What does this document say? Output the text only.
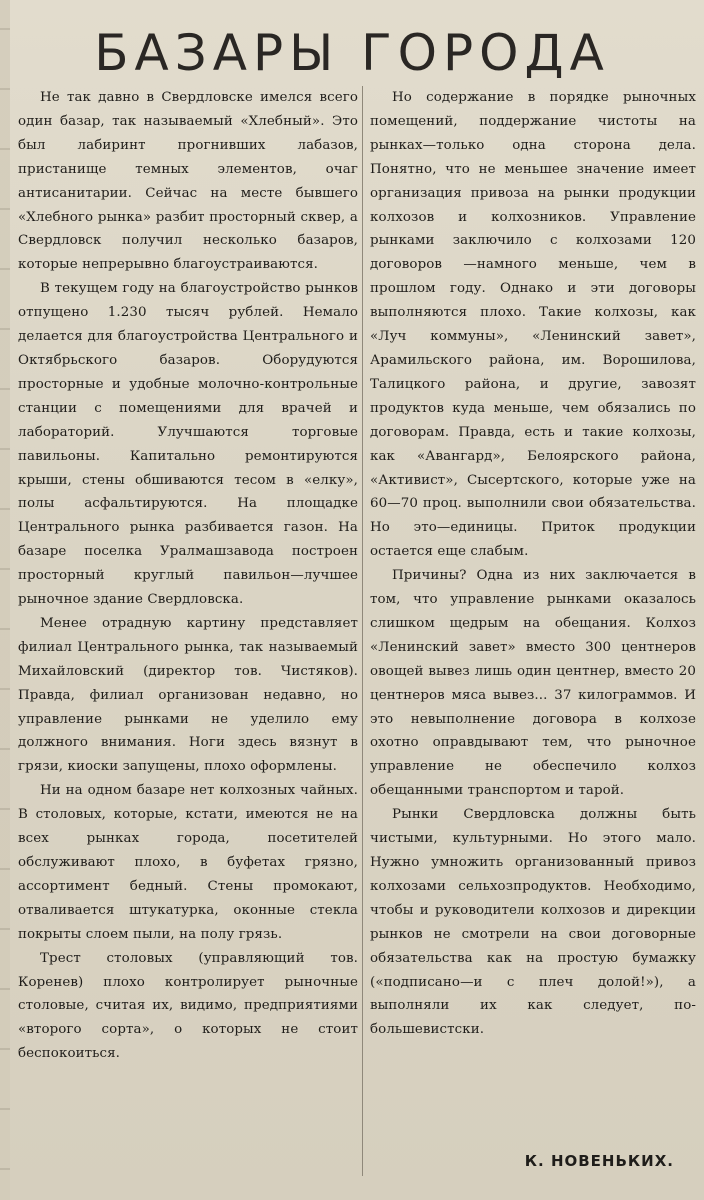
БАЗАРЫ ГОРОДА

Не так давно в Свердловске имелся всего один базар, так называемый «Хлебный». Это был лабиринт прогнивших лабазов, пристанище темных элементов, очаг антисанитарии. Сейчас на месте бывшего «Хлебного рынка» разбит просторный сквер, а Свердловск получил несколько базаров, которые непрерывно благоустраиваются.

В текущем году на благоустройство рынков отпущено 1.230 тысяч рублей. Немало делается для благоустройства Центрального и Октябрьского базаров. Оборудуются просторные и удобные молочно-контрольные станции с помещениями для врачей и лабораторий. Улучшаются торговые павильоны. Капитально ремонтируются крыши, стены обшиваются тесом в «елку», полы асфальтируются. На площадке Центрального рынка разбивается газон. На базаре поселка Уралмашзавода построен просторный круглый павильон—лучшее рыночное здание Свердловска.

Менее отрадную картину представляет филиал Центрального рынка, так называемый Михайловский (директор тов. Чистяков). Правда, филиал организован недавно, но управление рынками не уделило ему должного внимания. Ноги здесь вязнут в грязи, киоски запущены, плохо оформлены.

Ни на одном базаре нет колхозных чайных. В столовых, которые, кстати, имеются не на всех рынках города, посетителей обслуживают плохо, в буфетах грязно, ассортимент бедный. Стены промокают, отваливается штукатурка, оконные стекла покрыты слоем пыли, на полу грязь.

Трест столовых (управляющий тов. Коренев) плохо контролирует рыночные столовые, считая их, видимо, предприятиями «второго сорта», о которых не стоит беспокоиться.

Но содержание в порядке рыночных помещений, поддержание чистоты на рынках—только одна сторона дела. Понятно, что не меньшее значение имеет организация привоза на рынки продукции колхозов и колхозников. Управление рынками заключило с колхозами 120 договоров —намного меньше, чем в прошлом году. Однако и эти договоры выполняются плохо. Такие колхозы, как «Луч коммуны», «Ленинский завет», Арамильского района, им. Ворошилова, Талицкого района, и другие, завозят продуктов куда меньше, чем обязались по договорам. Правда, есть и такие колхозы, как «Авангард», Белоярского района, «Активист», Сысертского, которые уже на 60—70 проц. выполнили свои обязательства. Но это—единицы. Приток продукции остается еще слабым.

Причины? Одна из них заключается в том, что управление рынками оказалось слишком щедрым на обещания. Колхоз «Ленинский завет» вместо 300 центнеров овощей вывез лишь один центнер, вместо 20 центнеров мяса вывез... 37 килограммов. И это невыполнение договора в колхозе охотно оправдывают тем, что рыночное управление не обеспечило колхоз обещанными транспортом и тарой.

Рынки Свердловска должны быть чистыми, культурными. Но этого мало. Нужно умножить организованный привоз колхозами сельхозпродуктов. Необходимо, чтобы и руководители колхозов и дирекции рынков не смотрели на свои договорные обязательства как на простую бумажку («подписано—и с плеч долой!»), а выполняли их как следует, по-большевистски.

К. НОВЕНЬКИХ.
